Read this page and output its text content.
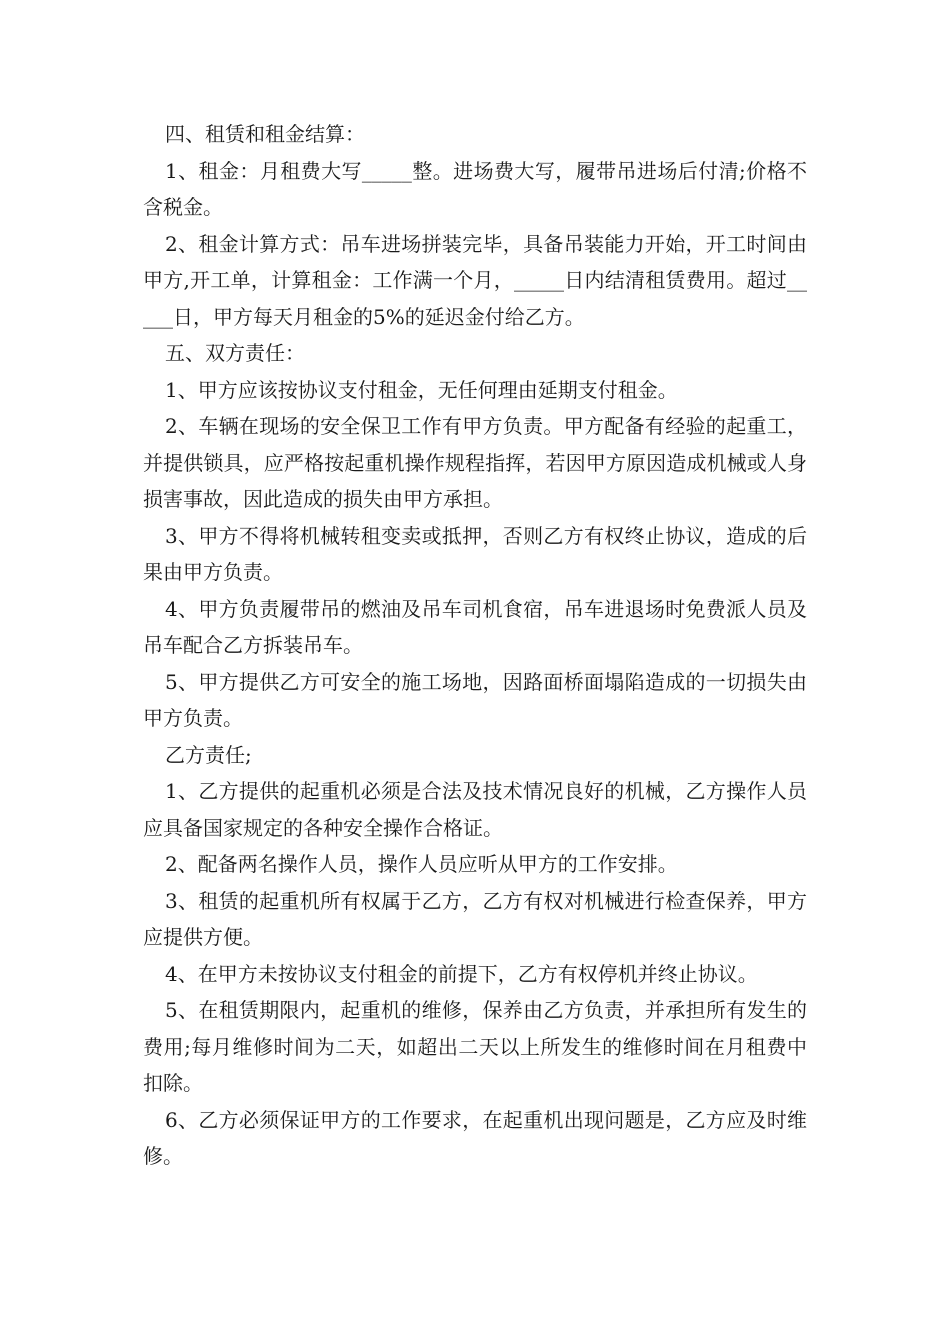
四、租赁和租金结算：

1、租金：月租费大写_____整。进场费大写，履带吊进场后付清;价格不含税金。

2、租金计算方式：吊车进场拼装完毕，具备吊装能力开始，开工时间由甲方,开工单，计算租金：工作满一个月，_____日内结清租赁费用。超过_____日，甲方每天月租金的5%的延迟金付给乙方。

五、双方责任：

1、甲方应该按协议支付租金，无任何理由延期支付租金。

2、车辆在现场的安全保卫工作有甲方负责。甲方配备有经验的起重工，并提供锁具，应严格按起重机操作规程指挥，若因甲方原因造成机械或人身损害事故，因此造成的损失由甲方承担。

3、甲方不得将机械转租变卖或抵押，否则乙方有权终止协议，造成的后果由甲方负责。

4、甲方负责履带吊的燃油及吊车司机食宿，吊车进退场时免费派人员及吊车配合乙方拆装吊车。

5、甲方提供乙方可安全的施工场地，因路面桥面塌陷造成的一切损失由甲方负责。

乙方责任;

1、乙方提供的起重机必须是合法及技术情况良好的机械，乙方操作人员应具备国家规定的各种安全操作合格证。

2、配备两名操作人员，操作人员应听从甲方的工作安排。

3、租赁的起重机所有权属于乙方，乙方有权对机械进行检查保养，甲方应提供方便。

4、在甲方未按协议支付租金的前提下，乙方有权停机并终止协议。

5、在租赁期限内，起重机的维修，保养由乙方负责，并承担所有发生的费用;每月维修时间为二天，如超出二天以上所发生的维修时间在月租费中扣除。

6、乙方必须保证甲方的工作要求，在起重机出现问题是，乙方应及时维修。
